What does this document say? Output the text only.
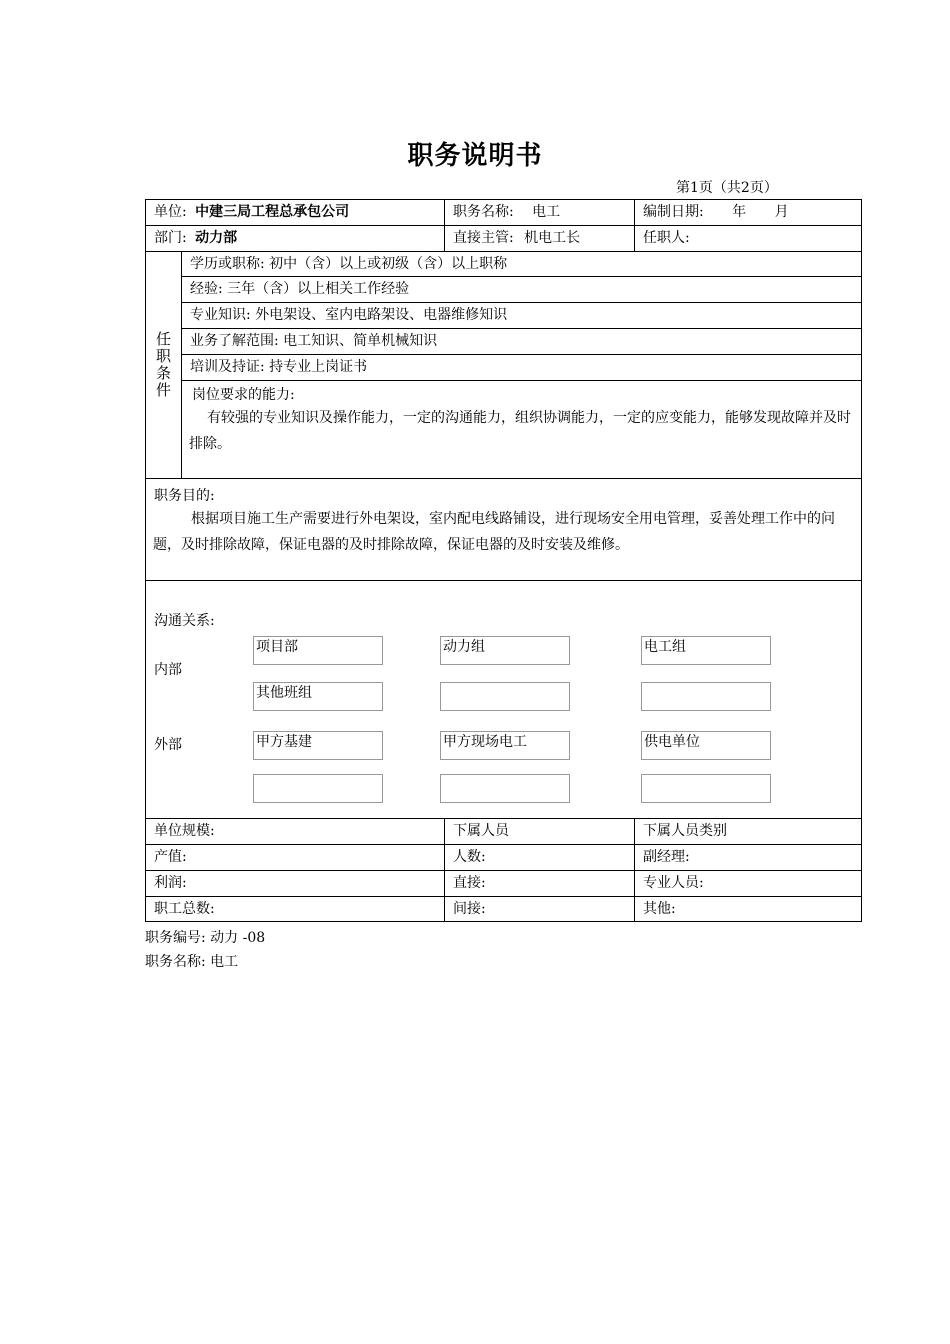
职务说明书
第1页（共2页）
单位: 中建三局工程总承包公司	职务名称: 电工	编制日期: 年 月
部门: 动力部	直接主管: 机电工长	任职人:
任职条件
学历或职称: 初中（含）以上或初级（含）以上职称
经验: 三年（含）以上相关工作经验
专业知识: 外电架设、室内电路架设、电器维修知识
业务了解范围: 电工知识、简单机械知识
培训及持证: 持专业上岗证书
岗位要求的能力:
有较强的专业知识及操作能力，一定的沟通能力，组织协调能力，一定的应变能力，能够发现故障并及时排除。
职务目的:
根据项目施工生产需要进行外电架设，室内配电线路铺设，进行现场安全用电管理，妥善处理工作中的问题，及时排除故障，保证电器的及时排除故障，保证电器的及时安装及维修。
沟通关系:
内部
外部
项目部	动力组	电工组
其他班组
甲方基建	甲方现场电工	供电单位
单位规模:	下属人员	下属人员类别
产值:	人数:	副经理:
利润:	直接:	专业人员:
职工总数:	间接:	其他:
职务编号: 动力 -08
职务名称: 电工
